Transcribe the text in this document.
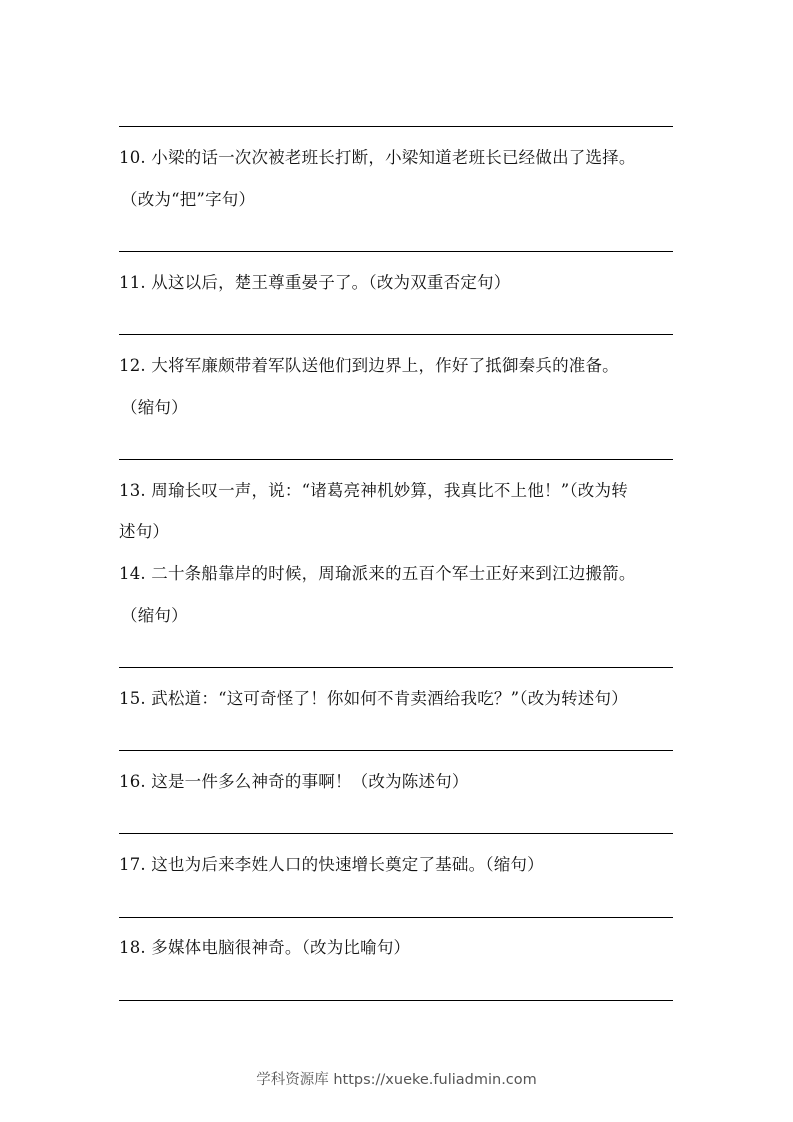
10. 小梁的话一次次被老班长打断，小梁知道老班长已经做出了选择。
（改为“把”字句）
11. 从这以后，楚王尊重晏子了。（改为双重否定句）
12. 大将军廉颇带着军队送他们到边界上，作好了抵御秦兵的准备。
（缩句）
13. 周瑜长叹一声，说：“诸葛亮神机妙算，我真比不上他！”（改为转
述句）
14. 二十条船靠岸的时候，周瑜派来的五百个军士正好来到江边搬箭。
（缩句）
15. 武松道：“这可奇怪了！你如何不肯卖酒给我吃？”（改为转述句）
16. 这是一件多么神奇的事啊！（改为陈述句）
17. 这也为后来李姓人口的快速增长奠定了基础。（缩句）
18. 多媒体电脑很神奇。（改为比喻句）
学科资源库 https://xueke.fuliadmin.com
